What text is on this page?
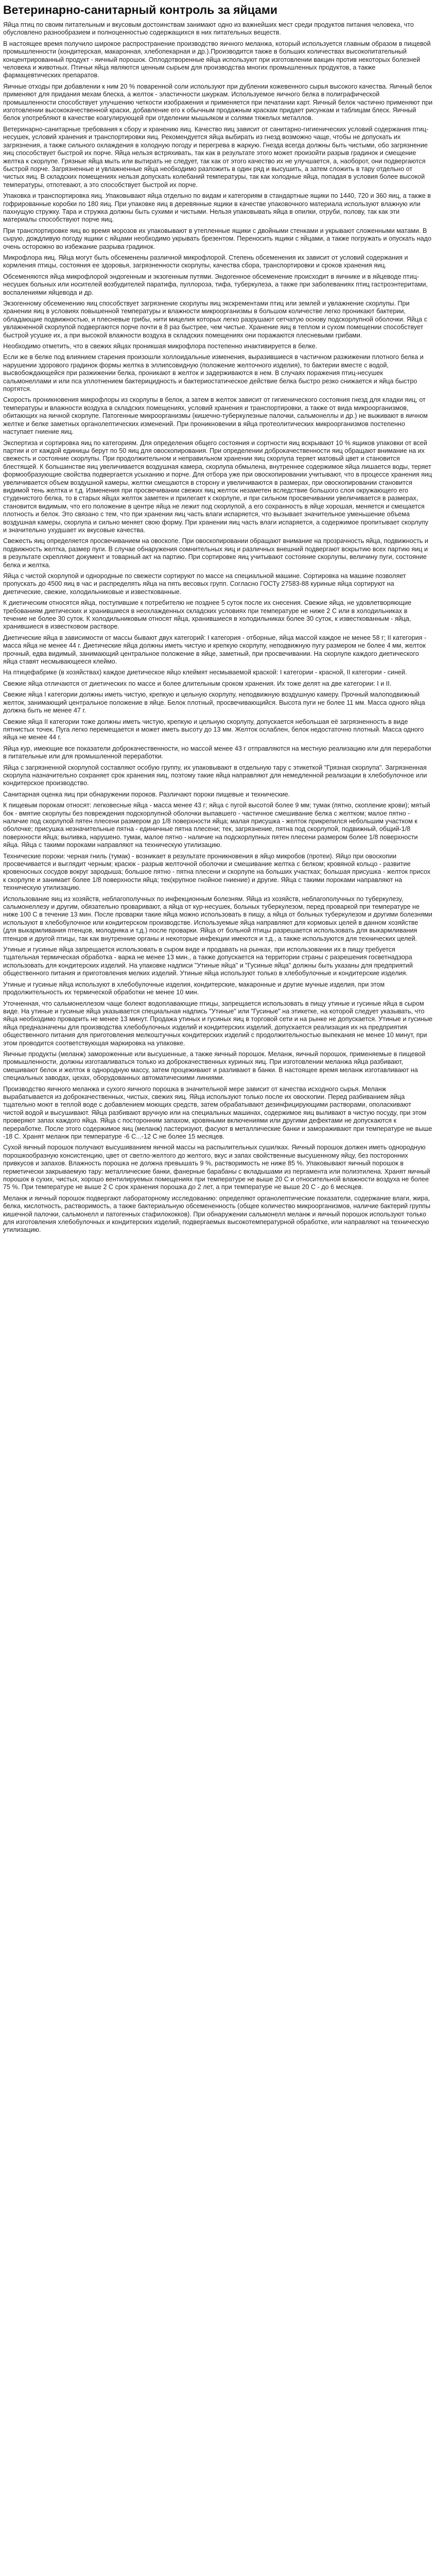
Ветеринарно-санитарный контроль за яйцами

Яйца птиц по своим питательным и вкусовым достоинствам занимают одно из важнейших мест среди продуктов питания человека, что обусловлено разнообразием и полноценностью содержащихся в них питательных веществ.

В настоящее время получило широкое распространение производство яичного меланжа, который используется главным образом в пищевой промышленности (кондитерская, макаронная, хлебопекарная и др.).Производится также в больших количествах высокопитательный концентрированный продукт - яичный порошок. Оплодотворенные яйца используют при изготовлении вакцин против некоторых болезней человека и животных. Птичьи яйца являются ценным сырьем для производства многих промышленных продуктов, а также фармацевтических препаратов.

Яичные отходы при добавлении к ним 20 % поваренной соли используют при дублении кожевенного сырья высокого качества. Яичный белок применяют для придания мехам блеска, а желток - эластичности шкуркам. Используемое яичного белка в полиграфической промышленности способствует улучшению четкости изображения и применяется при печатании карт. Яичный белок частично применяют при изготовлении высококачественной краски, добавление его к обычным продажным краскам придает рисункам и таблицам блеск. Яичный белок употребляют в качестве коагулирующей при отделении мышьяком и солями тяжелых металлов.

Ветеринарно-санитарные требования к сбору и хранению яиц. Качество яиц зависит от санитарно-гигиенических условий содержания птиц-несушек, условий хранения и транспортировки яиц. Рекомендуется яйца выбирать из гнезд возможно чаще, чтобы не допускать их загрязнения, а также сильного охлаждения в холодную погоду и перегрева в жаркую. Гнезда всегда должны быть чистыми, обо загрязнение яиц способствует быстрой их порче. Яйца нельзя встряхивать, так как в результате этого может произойти разрыв градинок и смещение желтка к скорлупе. Грязные яйца мыть или вытирать не следует, так как от этого качество их не улучшается, а, наоборот, они подвергаются быстрой порче. Загрязненные и увлажненные яйца необходимо разложить в один ряд и высушить, а затем сложить в тару отдельно от чистых яиц. В складских помещениях нельзя допускать колебаний температуры, так как холодные яйца, попадая в условия более высокой температуры, отпотевают, а это способствует быстрой их порче.

Упаковка и транспортировка яиц. Упаковывают яйца отдельно по видам и категориям в стандартные ящики по 1440, 720 и 360 яиц, а также в гофрированные коробки по 180 яиц. При упаковке яиц в деревянные ящики в качестве упаковочного материала используют влажную или пахнущую стружку. Тара и стружка должны быть сухими и чистыми. Нельзя упаковывать яйца в опилки, отруби, полову, так как эти материалы способствуют порче яиц.

При транспортировке яиц во время морозов их упаковывают в утепленные ящики с двойными стенками и укрывают сложенными матами. В сырую, дождливую погоду ящики с яйцами необходимо укрывать брезентом. Переносить ящики с яйцами, а также погружать и опускать надо очень осторожно во избежание разрыва градинок.

Микрофлора яиц. Яйца могут быть обсеменены различной микрофлорой. Степень обсеменения их зависит от условий содержания и кормления птицы, состояния ее здоровья, загрязненности скорлупы, качества сбора, транспортировки и сроков хранения яиц.

Обсеменяются яйца микрофлорой эндогенным и экзогенным путями. Эндогенное обсеменение происходит в яичнике и в яйцеводе птиц-несушек больных или носителей возбудителей паратифа, пуллороза, тифа, туберкулеза, а также при заболеваниях птиц гастроэнтеритами, воспалениями яйцевода и др.

Экзогенному обсеменению яиц способствует загрязнение скорлупы яиц экскрементами птиц или землей и увлажнение скорлупы. При хранении яиц в условиях повышенной температуры и влажности микроорганизмы в большом количестве легко проникают бактерии, обладающие подвижностью, и плесневые грибы, нити мицелия которых легко разрушают сетчатую основу подскорлупной оболочки. Яйца с увлажненной скорлупой подвергаются порче почти в 8 раз быстрее, чем чистые. Хранение яиц в теплом и сухом помещении способствует быстрой усушке их, а при высокой влажности воздуха в складских помещениях они поражаются плесневыми грибами.

Необходимо отметить, что в свежих яйцах проникшая микрофлора постепенно инактивируется в белке.

Если же в белке под влиянием старения произошли холлоидальные изменения, выразившиеся в частичном разжижении плотного белка и нарушении здорового градинок формы желтка в эллипсовидную (положение желточного изделия), то бактерии вместе с водой, высвобождающейся при разжижении белка, проникают в желток и задерживаются в нем. В случаях поражения птиц-несушек сальмонеллами и или пса уплотнением бактерицидность и бактериостатическое действие белка быстро резко снижается и яйца быстро портятся.

Скорость проникновения микрофлоры из скорлупы в белок, а затем в желток зависит от гигиенического состояния гнезд для кладки яиц, от температуры и влажности воздуха в складских помещениях, условий хранения и транспортировки, а также от вида микроорганизмов, обитающих на яичной скорлупе. Патогенные микроорганизмы (кишечно-туберкулезные палочки, сальмонеллы и др.) не выживают в яичном желтке и белке заметных органолептических изменений. При проникновении в яйца протеолитических микроорганизмов постепенно наступает гниение яиц.

Экспертиза и сортировка яиц по категориям. Для определения общего состояния и сортности яиц вскрывают 10 % ящиков упаковки от всей партии и от каждой единицы берут по 50 яиц для овоскопирования. При определении доброкачественности яиц обращают внимание на их свежесть и состояние скорлупы. При продолжительном и неправильном хранении яиц скорлупа теряет матовый цвет и становится блестящей. К большинстве яиц увеличивается воздушная камера, скорлупа обмылена, внутреннее содержимое яйца лишается воды, теряет формообразующие свойства подвергается усыханию и порче. Для отбора уже при овоскопировании учитывают, что в процессе хранения яиц увеличивается объем воздушной камеры, желтки смещаются в сторону и увеличиваются в размерах, при овоскопировании становится видимой тень желтка и т.д. Изменения при просвечивании свежих яиц желток незаметен вследствие большого слоя окружающего его студенистого белка, то в старых яйцах желток заметен и прилегает к скорлупе, и при сильном просвечивании увеличивается в размерах, становится видимым, что его положение в центре яйца не лежит под скорлупой, а его сохранность в яйце хорошая, меняется и смещается плотность и белок. Это связано с тем, что при хранении яиц часть влаги испаряется, что вызывает значительное уменьшение объема воздушная камеры, скорлупа и сильно меняет свою форму. При хранении яиц часть влаги испаряется, а содержимое пропитывает скорлупу и значительно ухудшает их вкусовые качества.

Свежесть яиц определяется просвечиванием на овоскопе. При овоскопировании обращают внимание на прозрачность яйца, подвижность и подвижность желтка, размер пуги. В случае обнаружения сомнительных яиц и различных внешний подвергают вскрытию всех партию яиц и в результате скрепляют документ и товарный акт на партию. При сортировке яиц учитывают состояние скорлупы, величину пуги, состояние белка и желтка.

Яйца с чистой скорлупой и однородные по свежести сортируют по массе на специальной машине. Сортировка на машине позволяет пропускать до 4500 яиц в час и распределять яйца на пять весовых групп. Согласно ГОСТу 27583-88 куриные яйца сортируют на диетические, свежие, холодильниковые и известкованные.

К диетическим относятся яйца, поступившие к потребителю не позднее 5 суток после их снесения. Свежие яйца, не удовлетворяющие требованиям диетических и хранившиеся в неохлажденных складских условиях при температуре не ниже 2 С или в холодильниках в течение не более 30 суток. К холодильниковым относят яйца, хранившиеся в холодильниках более 30 суток, к известкованным - яйца, хранившиеся в известковом растворе.

Диетические яйца в зависимости от массы бывают двух категорий: I категория - отборные, яйца массой каждое не менее 58 г; II категория - масса яйца не менее 44 г. Диетические яйца должны иметь чистую и крепкую скорлупу, неподвижную пугу размером не более 4 мм, желток прочный, едва видимый, занимающий центральное положение в яйце, заметный, при просвечивании. На скорлупе каждого диетического яйца ставят несмывающееся клеймо.

На птицефабрике (в хозяйствах) каждое диетическое яйцо клеймят несмываемой краской: I категории - красной, II категории - синей.

Свежие яйца отличаются от диетических по массе и более длительным сроком хранения. Их тоже делят на две категории: I и II.

Свежие яйца I категории должны иметь чистую, крепкую и цельную скорлупу, неподвижную воздушную камеру. Прочный малоподвижный желток, занимающий центральное положение в яйце. Белок плотный, просвечивающийся. Высота пуги не более 11 мм. Масса одного яйца должна быть не менее 47 г.

Свежие яйца II категории тоже должны иметь чистую, крепкую и цельную скорлупу, допускается небольшая её загрязненность в виде пятнистых точек. Пуга легко перемещается и может иметь высоту до 13 мм. Желток ослаблен, белок недостаточно плотный. Масса одного яйца не менее 44 г.

Яйца кур, имеющие все показатели доброкачественности, но массой менее 43 г отправляются на местную реализацию или для переработки в питательные или для промышленной переработки.

Яйца с загрязненной скорлупой составляют особую группу, их упаковывают в отдельную тару с этикеткой "Грязная скорлупа". Загрязненная скорлупа назначительно сохраняет срок хранения яиц, поэтому такие яйца направляют для немедленной реализации в хлебобулочное или кондитерское производство.

Санитарная оценка яиц при обнаружении пороков. Различают пороки пищевые и технические.

К пищевым порокам относят: легковесные яйца - масса менее 43 г; яйца с пугой высотой более 9 мм; тумак (пятно, скопление крови); мятый бок - вмятие скорлупы без повреждения подскорлупной оболочки выпавшего - частичное смешивание белка с желтком; малое пятно - наличие под скорлупой пятен плесени размером до 1/8 поверхности яйца; малая присушка - желток прикрепился небольшим участком к оболочке; присушка незначительные пятна - единичные пятна плесени; тек, загрязнение, пятна под скорлупой, подвижный, общий-1/8 поверхности яйца; выливка, нарушено. тумак, малое пятно - наличие на подскорлупных пятен плесени размером более 1/8 поверхности яйца. Яйца с такими пороками направляют на техническую утилизацию.

Технические пороки: черная гниль (тумак) - возникает в результате проникновения в яйцо микробов (протеи). Яйцо при овоскопии просвечивается и выглядит черным; красюк - разрыв желточной оболочки и смешивание желтка с белком; кровяной кольцо - развитие кровеносных сосудов вокруг зародыша; большое пятно - пятна плесени и скорлупе на больших участках; большая присушка - желток присох к скорлупе и занимает более 1/8 поверхности яйца; тек(крупное гнойное гниение) и другие. Яйца с такими пороками направляют на техническую утилизацию.

Использование яиц из хозяйств, неблагополучных по инфекционным болезням. Яйца из хозяйств, неблагополучных по туберкулезу, сальмонеллезу и другим, обязательно проваривают, а яйца от кур-несушек, больных туберкулезом, перед проваркой при температуре не ниже 100 С в течение 13 мин. После проварки такие яйца можно использовать в пищу, а яйца от больных туберкулезом и другими болезнями используют в хлебобулочное или кондитерском производстве. Используемые яйца направляют для кормовых целей в данном хозяйстве (для выкармливания птенцов, молодняка и т.д.) после проварки. Яйца от больной птицы разрешается использовать для выкармливания птенцов и другой птицы, так как внутренние органы и некоторые инфекции имеются и т.д., а также используются для технических целей.

Утиные и гусиные яйца запрещается использовать в сыром виде и продавать на рынках, при использовании их в пищу требуется тщательная термическая обработка - варка не менее 13 мин., а также допускается на территории страны с разрешения госветнадзора использовать для кондитерских изделий. На упаковке надписи "Утиные яйца" и "Гусиные яйца" должны быть указаны для предприятий общественного питания и приготовления мелких изделий. Утиные яйца используют только в хлебобулочные и кондитерские изделия.

Утиные и гусиные яйца используют в хлебобулочные изделия, кондитерские, макаронные и другие мучные изделия, при этом продолжительность их термической обработки не менее 10 мин.

Уточненная, что сальмонеллезом чаще болеют водоплавающие птицы, запрещается использовать в пищу утиные и гусиные яйца в сыром виде. На утиные и гусиные яйца указывается специальная надпись "Утиные" или "Гусиные" на этикетке, на которой следует указывать, что яйца необходимо проварить не менее 13 минут. Продажа утиных и гусиных яиц в торговой сети и на рынке не допускается. Утиные и гусиные яйца предназначены для производства хлебобулочных изделий и кондитерских изделий, допускается реализация их на предприятия общественного питания для приготовления мелкоштучных кондитерских изделий с продолжительностью выпекания не менее 10 минут, при этом проводится соответствующая маркировка на упаковке.

Яичные продукты (меланж) замороженные или высушенные, а также яичный порошок. Меланж, яичный порошок, применяемые в пищевой промышленности, должны изготавливаться только из доброкачественных куриных яиц. При изготовлении меланжа яйца разбивают, смешивают белок и желток в однородную массу, затем процеживают и разливают в банки. В настоящее время меланж изготавливают на специальных заводах, цехах, оборудованных автоматическими линиями.

Производство яичного меланжа и сухого яичного порошка в значительной мере зависит от качества исходного сырья. Меланж вырабатывается из доброкачественных, чистых, свежих яиц. Яйца используют только после их овоскопии. Перед разбиванием яйца тщательно моют в теплой воде с добавлением моющих средств, затем обрабатывают дезинфицирующими растворами, ополаскивают чистой водой и высушивают. Яйца разбивают вручную или на специальных машинах, содержимое яиц выливают в чистую посуду, при этом проверяют запах каждого яйца. Яйца с посторонним запахом, кровяными включениями или другими дефектами не допускаются к переработке. После этого содержимое яиц (меланж) пастеризуют, фасуют в металлические банки и замораживают при температуре не выше -18 С. Хранят меланж при температуре -6 С...-12 С не более 15 месяцев.

Сухой яичный порошок получают высушиванием яичной массы на распылительных сушилках. Яичный порошок должен иметь однородную порошкообразную консистенцию, цвет от светло-желтого до желтого, вкус и запах свойственные высушенному яйцу, без посторонних привкусов и запахов. Влажность порошка не должна превышать 9 %, растворимость не ниже 85 %. Упаковывают яичный порошок в герметически закрываемую тару: металлические банки, фанерные барабаны с вкладышами из пергамента или полиэтилена. Хранят яичный порошок в сухих, чистых, хорошо вентилируемых помещениях при температуре не выше 20 С и относительной влажности воздуха не более 75 %. При температуре не выше 2 С срок хранения порошка до 2 лет, а при температуре не выше 20 С - до 6 месяцев.

Меланж и яичный порошок подвергают лабораторному исследованию: определяют органолептические показатели, содержание влаги, жира, белка, кислотность, растворимость, а также бактериальную обсемененность (общее количество микроорганизмов, наличие бактерий группы кишечной палочки, сальмонелл и патогенных стафилококков). При обнаружении сальмонелл меланж и яичный порошок используют только для изготовления хлебобулочных и кондитерских изделий, подвергаемых высокотемпературной обработке, или направляют на техническую утилизацию.
